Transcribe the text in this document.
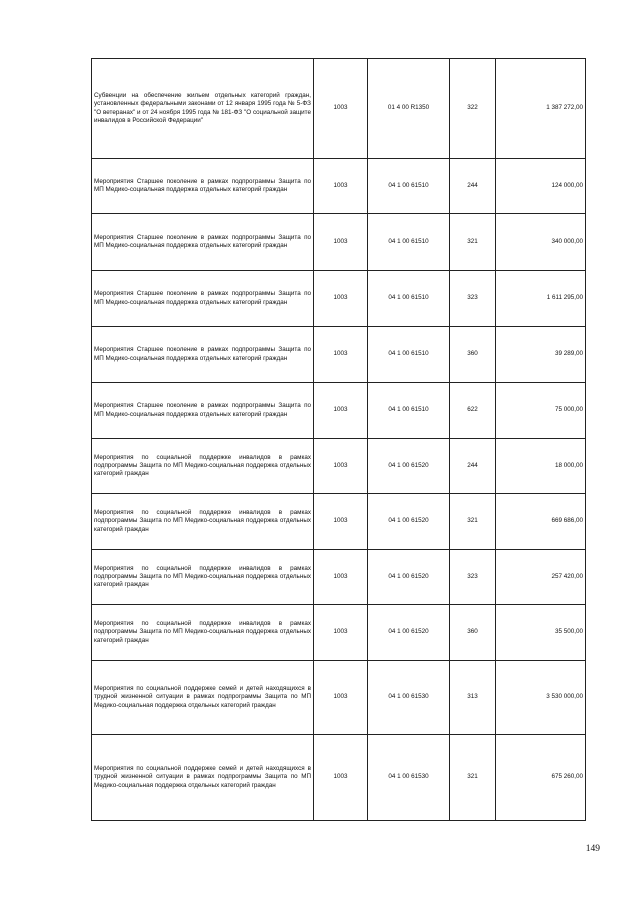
Субвенции на обеспечение жильем отдельных категорий граждан, установленных федеральными законами от 12 января 1995 года № 5-ФЗ "О ветеранах" и от 24 ноября 1995 года № 181-ФЗ "О социальной защите инвалидов в Российской Федерации"	1003	01 4 00 R1350	322	1 387 272,00
Мероприятия Старшее поколение в рамках подпрограммы Защита по МП Медико-социальная поддержка отдельных категорий граждан	1003	04 1 00 61510	244	124 000,00
Мероприятия Старшее поколение в рамках подпрограммы Защита по МП Медико-социальная поддержка отдельных категорий граждан	1003	04 1 00 61510	321	340 000,00
Мероприятия Старшее поколение в рамках подпрограммы Защита по МП Медико-социальная поддержка отдельных категорий граждан	1003	04 1 00 61510	323	1 611 295,00
Мероприятия Старшее поколение в рамках подпрограммы Защита по МП Медико-социальная поддержка отдельных категорий граждан	1003	04 1 00 61510	360	39 289,00
Мероприятия Старшее поколение в рамках подпрограммы Защита по МП Медико-социальная поддержка отдельных категорий граждан	1003	04 1 00 61510	622	75 000,00
Мероприятия по социальной поддержке инвалидов в рамках подпрограммы Защита по МП Медико-социальная поддержка отдельных категорий граждан	1003	04 1 00 61520	244	18 000,00
Мероприятия по социальной поддержке инвалидов в рамках подпрограммы Защита по МП Медико-социальная поддержка отдельных категорий граждан	1003	04 1 00 61520	321	669 686,00
Мероприятия по социальной поддержке инвалидов в рамках подпрограммы Защита по МП Медико-социальная поддержка отдельных категорий граждан	1003	04 1 00 61520	323	257 420,00
Мероприятия по социальной поддержке инвалидов в рамках подпрограммы Защита по МП Медико-социальная поддержка отдельных категорий граждан	1003	04 1 00 61520	360	35 500,00
Мероприятия по социальной поддержке семей и детей находящихся в трудной жизненной ситуации в рамках подпрограммы Защита по МП Медико-социальная поддержка отдельных категорий граждан	1003	04 1 00 61530	313	3 530 000,00
Мероприятия по социальной поддержке семей и детей находящихся в трудной жизненной ситуации в рамках подпрограммы Защита по МП Медико-социальная поддержка отдельных категорий граждан	1003	04 1 00 61530	321	675 260,00
149
